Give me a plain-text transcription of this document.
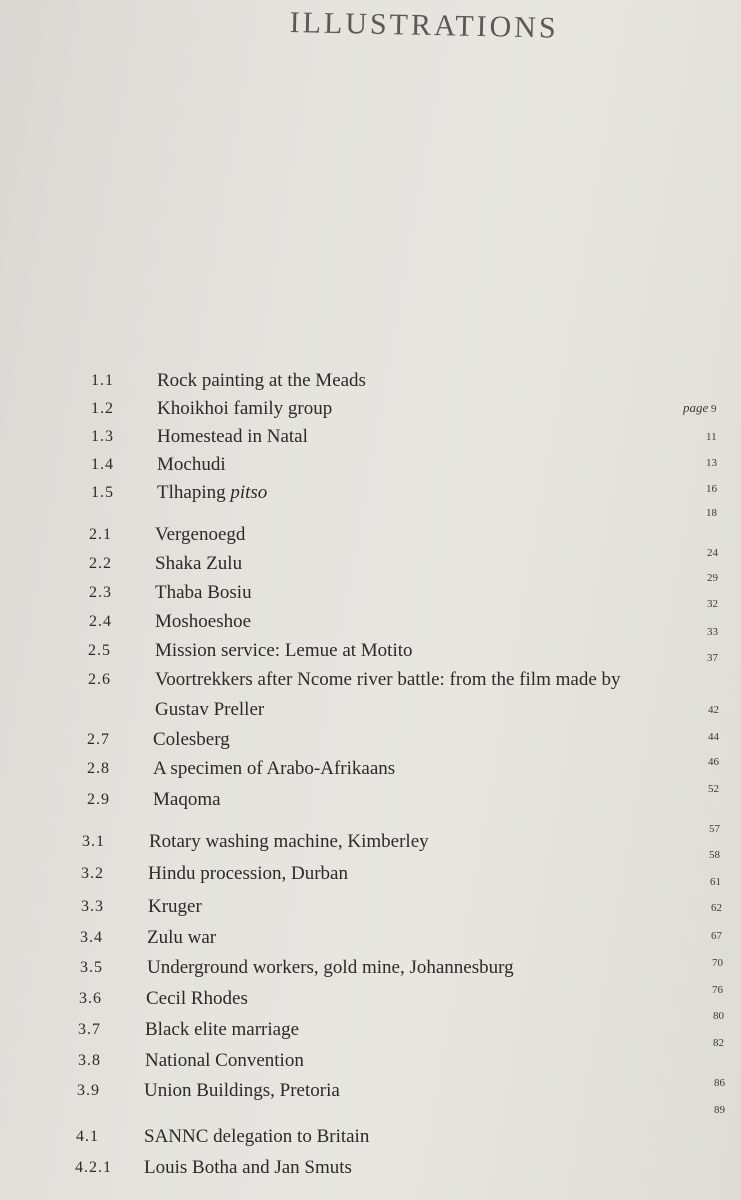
ILLUSTRATIONS
1.1 Rock painting at the Meads
1.2 Khoikhoi family group
1.3 Homestead in Natal
1.4 Mochudi
1.5 Tlhaping pitso
2.1 Vergenoegd
2.2 Shaka Zulu
2.3 Thaba Bosiu
2.4 Moshoeshoe
2.5 Mission service: Lemue at Motito
2.6 Voortrekkers after Ncome river battle: from the film made by
Gustav Preller
2.7 Colesberg
2.8 A specimen of Arabo-Afrikaans
2.9 Maqoma
3.1 Rotary washing machine, Kimberley
3.2 Hindu procession, Durban
3.3 Kruger
3.4 Zulu war
3.5 Underground workers, gold mine, Johannesburg
3.6 Cecil Rhodes
3.7 Black elite marriage
3.8 National Convention
3.9 Union Buildings, Pretoria
4.1 SANNC delegation to Britain
4.2.1 Louis Botha and Jan Smuts
page 9
11
13
16
18
24
29
32
33
37
42
44
46
52
57
58
61
62
67
70
76
80
82
86
89
